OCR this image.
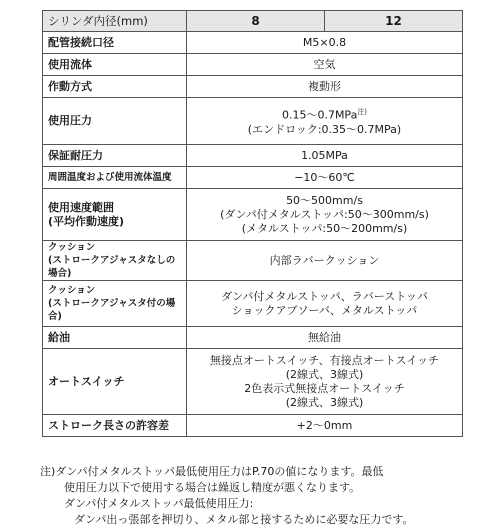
シリンダ内径(mm)	8	12
配管接続口径	M5×0.8	
使用流体	空気	
作動方式	複動形	
使用圧力	0.15〜0.7MPa$^{注)}$
(エンドロック:0.35〜0.7MPa)	

保証耐圧力	1.05MPa	
周囲温度および使用流体温度	−10〜60℃	

使用速度範囲
(平均作動速度)	50〜500mm/s
(ダンパ付メタルストッパ:50〜300mm/s)
(メタルストッパ:50〜200mm/s)	

クッション
(ストロークアジャスタなしの場合)	内部ラバークッション	

クッション
(ストロークアジャスタ付の場合)	ダンパ付メタルストッパ、ラバーストッパ
ショックアブソーバ、メタルストッパ	

給油	無給油	
オートスイッチ	無接点オートスイッチ、有接点オートスイッチ
(2線式、3線式)
2色表示式無接点オートスイッチ
(2線式、3線式)	

ストローク長さの許容差	+2〜0mm	
注)ダンパ付メタルストッパ最低使用圧力はP.70の値になります。最低
使用圧力以下で使用する場合は繰返し精度が悪くなります。
ダンパ付メタルストッパ最低使用圧力:
ダンパ出っ張部を押切り、メタル部と接するために必要な圧力です。
